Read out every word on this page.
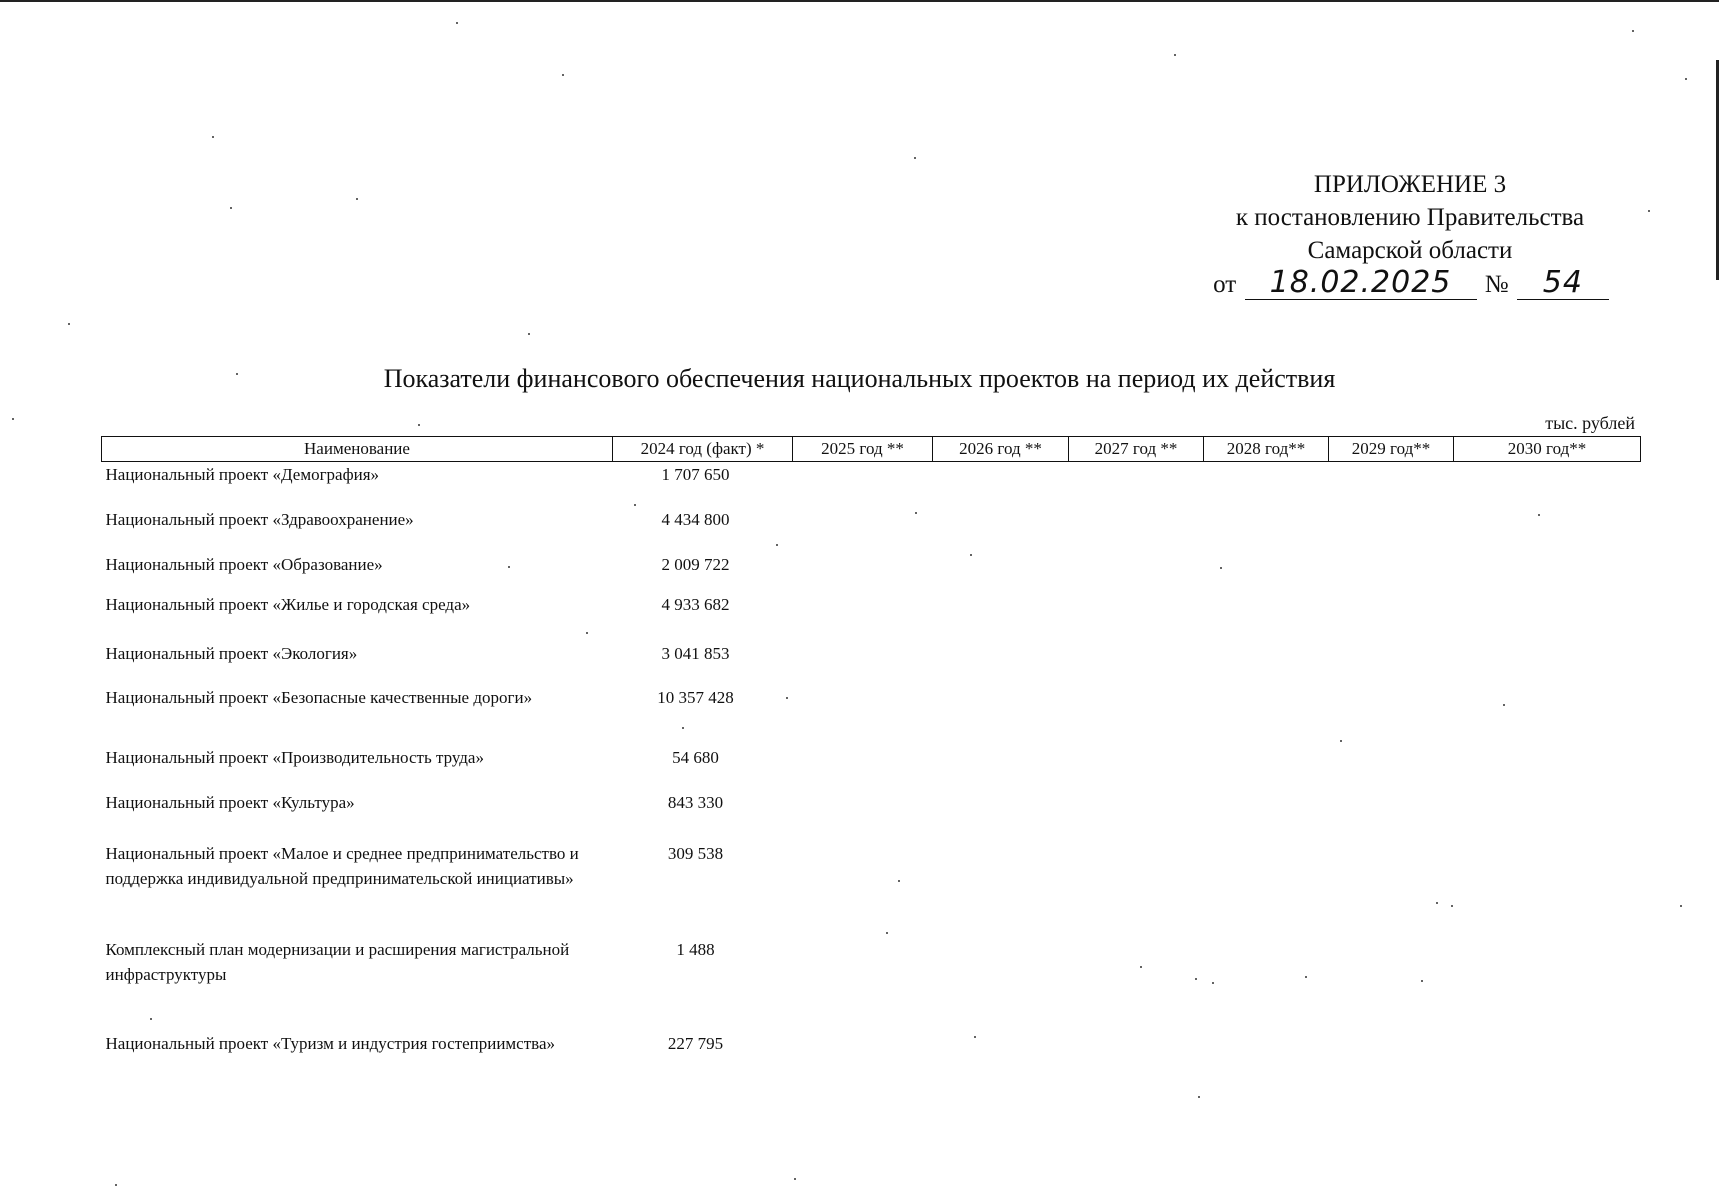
ПРИЛОЖЕНИЕ 3
к постановлению Правительства
Самарской области
от 18.02.2025 № 54
Показатели финансового обеспечения национальных проектов на период их действия
тыс. рублей
Наименование	2024 год (факт) *	2025 год **	2026 год **	2027 год **	2028 год**	2029 год**	2030 год**
Национальный проект «Демография»	1 707 650						
Национальный проект «Здравоохранение»	4 434 800						
Национальный проект «Образование»	2 009 722						
Национальный проект «Жилье и городская среда»	4 933 682						
Национальный проект «Экология»	3 041 853						
Национальный проект «Безопасные качественные дороги»	10 357 428						
Национальный проект «Производительность труда»	54 680						
Национальный проект «Культура»	843 330						
Национальный проект «Малое и среднее предпринимательство и поддержка индивидуальной предпринимательской инициативы»	309 538						
Комплексный план модернизации и расширения магистральной инфраструктуры	1 488						
Национальный проект «Туризм и индустрия гостеприимства»	227 795						
